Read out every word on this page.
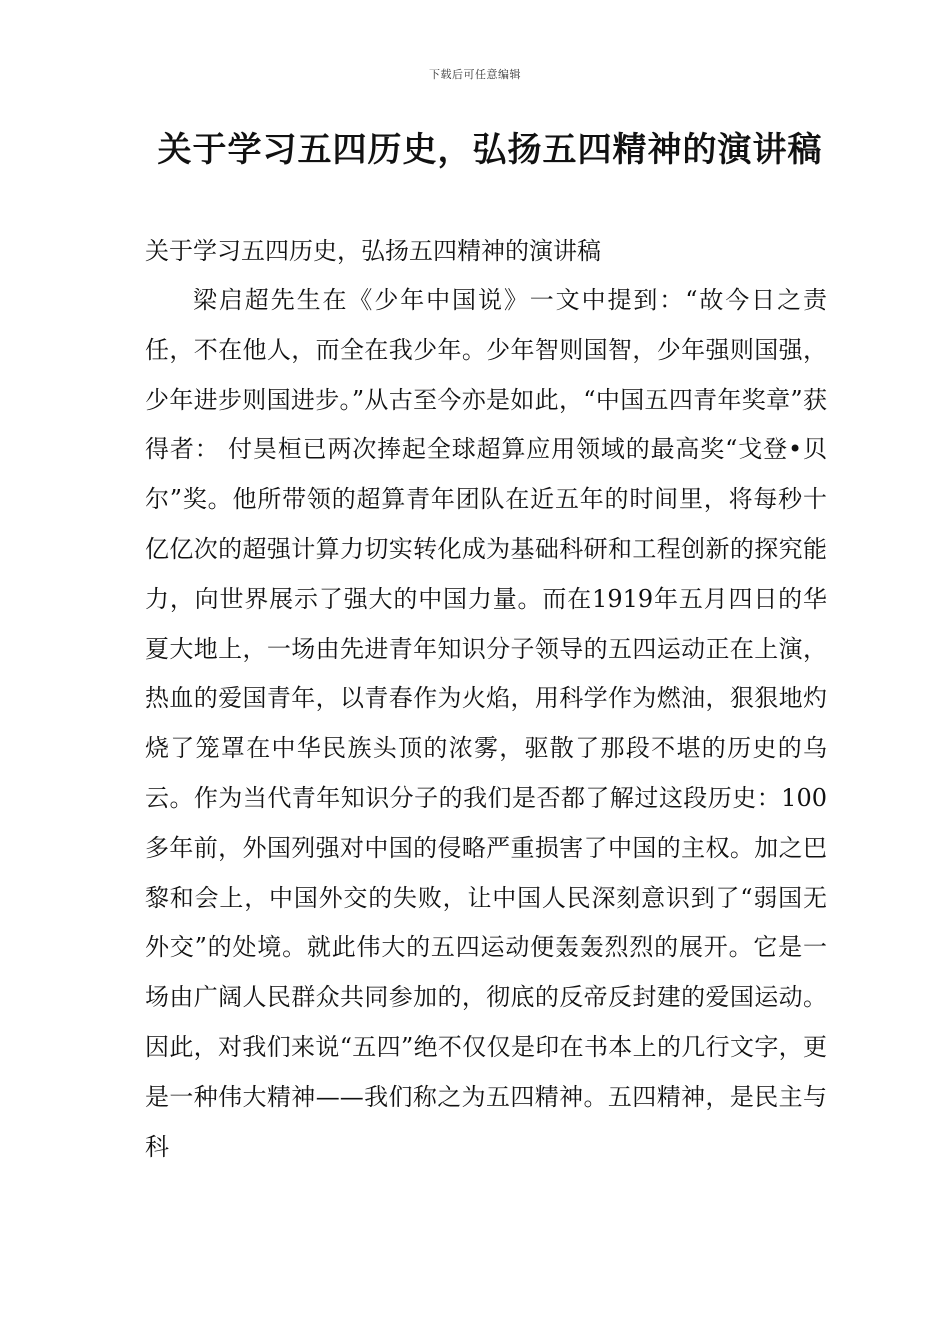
下载后可任意编辑
关于学习五四历史，弘扬五四精神的演讲稿

关于学习五四历史，弘扬五四精神的演讲稿

梁启超先生在《少年中国说》一文中提到：“故今日之责任，不在他人，而全在我少年。少年智则国智，少年强则国强，少年进步则国进步。”从古至今亦是如此，“中国五四青年奖章”获得者： 付昊桓已两次捧起全球超算应用领域的最高奖“戈登•贝尔”奖。他所带领的超算青年团队在近五年的时间里，将每秒十亿亿次的超强计算力切实转化成为基础科研和工程创新的探究能力，向世界展示了强大的中国力量。而在1919年五月四日的华夏大地上，一场由先进青年知识分子领导的五四运动正在上演，热血的爱国青年，以青春作为火焰，用科学作为燃油，狠狠地灼烧了笼罩在中华民族头顶的浓雾，驱散了那段不堪的历史的乌云。作为当代青年知识分子的我们是否都了解过这段历史：100多年前，外国列强对中国的侵略严重损害了中国的主权。加之巴黎和会上，中国外交的失败，让中国人民深刻意识到了“弱国无外交”的处境。就此伟大的五四运动便轰轰烈烈的展开。它是一场由广阔人民群众共同参加的，彻底的反帝反封建的爱国运动。因此，对我们来说“五四”绝不仅仅是印在书本上的几行文字，更是一种伟大精神——我们称之为五四精神。五四精神，是民主与科
